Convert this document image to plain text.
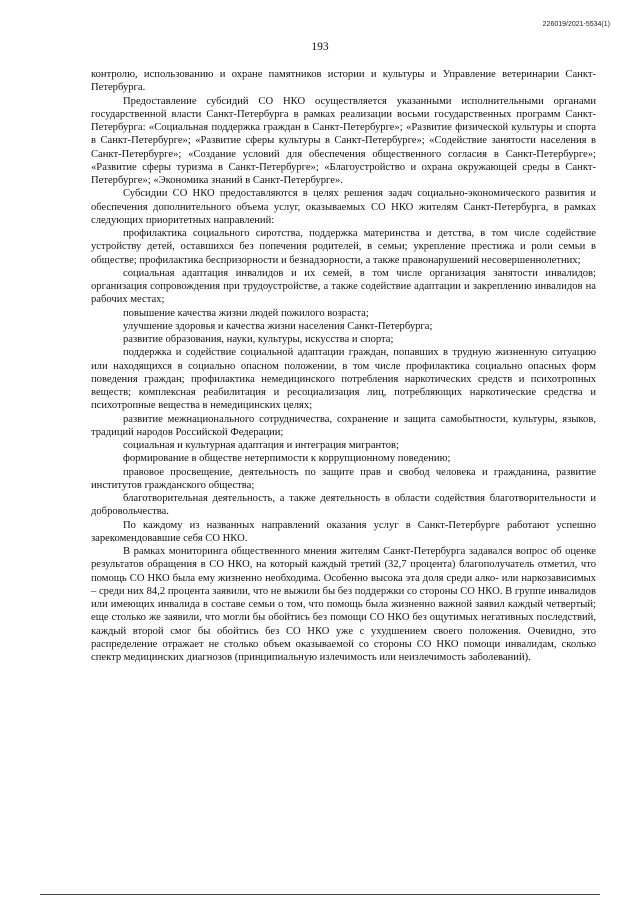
226019/2021-5534(1)
193

контролю, использованию и охране памятников истории и культуры и Управление ветеринарии Санкт-Петербурга.

Предоставление субсидий СО НКО осуществляется указанными исполнительными органами государственной власти Санкт-Петербурга в рамках реализации восьми государственных программ Санкт-Петербурга: «Социальная поддержка граждан в Санкт-Петербурге»; «Развитие физической культуры и спорта в Санкт-Петербурге»; «Развитие сферы культуры в Санкт-Петербурге»; «Содействие занятости населения в Санкт-Петербурге»; «Создание условий для обеспечения общественного согласия в Санкт-Петербурге»; «Развитие сферы туризма в Санкт-Петербурге»; «Благоустройство и охрана окружающей среды в Санкт-Петербурге»; «Экономика знаний в Санкт-Петербурге».

Субсидии СО НКО предоставляются в целях решения задач социально-экономического развития и обеспечения дополнительного объема услуг, оказываемых СО НКО жителям Санкт-Петербурга, в рамках следующих приоритетных направлений:

профилактика социального сиротства, поддержка материнства и детства, в том числе содействие устройству детей, оставшихся без попечения родителей, в семьи; укрепление престижа и роли семьи в обществе; профилактика беспризорности и безнадзорности, а также правонарушений несовершеннолетних;

социальная адаптация инвалидов и их семей, в том числе организация занятости инвалидов; организация сопровождения при трудоустройстве, а также содействие адаптации и закреплению инвалидов на рабочих местах;

повышение качества жизни людей пожилого возраста;

улучшение здоровья и качества жизни населения Санкт-Петербурга;

развитие образования, науки, культуры, искусства и спорта;

поддержка и содействие социальной адаптации граждан, попавших в трудную жизненную ситуацию или находящихся в социально опасном положении, в том числе профилактика социально опасных форм поведения граждан; профилактика немедицинского потребления наркотических средств и психотропных веществ; комплексная реабилитация и ресоциализация лиц, потребляющих наркотические средства и психотропные вещества в немедицинских целях;

развитие межнационального сотрудничества, сохранение и защита самобытности, культуры, языков, традиций народов Российской Федерации;

социальная и культурная адаптация и интеграция мигрантов;

формирование в обществе нетерпимости к коррупционному поведению;

правовое просвещение, деятельность по защите прав и свобод человека и гражданина, развитие институтов гражданского общества;

благотворительная деятельность, а также деятельность в области содействия благотворительности и добровольчества.

По каждому из названных направлений оказания услуг в Санкт-Петербурге работают успешно зарекомендовавшие себя СО НКО.

В рамках мониторинга общественного мнения жителям Санкт-Петербурга задавался вопрос об оценке результатов обращения в СО НКО, на который каждый третий (32,7 процента) благополучатель отметил, что помощь СО НКО была ему жизненно необходима. Особенно высока эта доля среди алко- или наркозависимых – среди них 84,2 процента заявили, что не выжили бы без поддержки со стороны СО НКО. В группе инвалидов или имеющих инвалида в составе семьи о том, что помощь была жизненно важной заявил каждый четвертый; еще столько же заявили, что могли бы обойтись без помощи СО НКО без ощутимых негативных последствий, каждый второй смог бы обойтись без СО НКО уже с ухудшением своего положения. Очевидно, это распределение отражает не столько объем оказываемой со стороны СО НКО помощи инвалидам, сколько спектр медицинских диагнозов (принципиальную излечимость или неизлечимость заболеваний).
